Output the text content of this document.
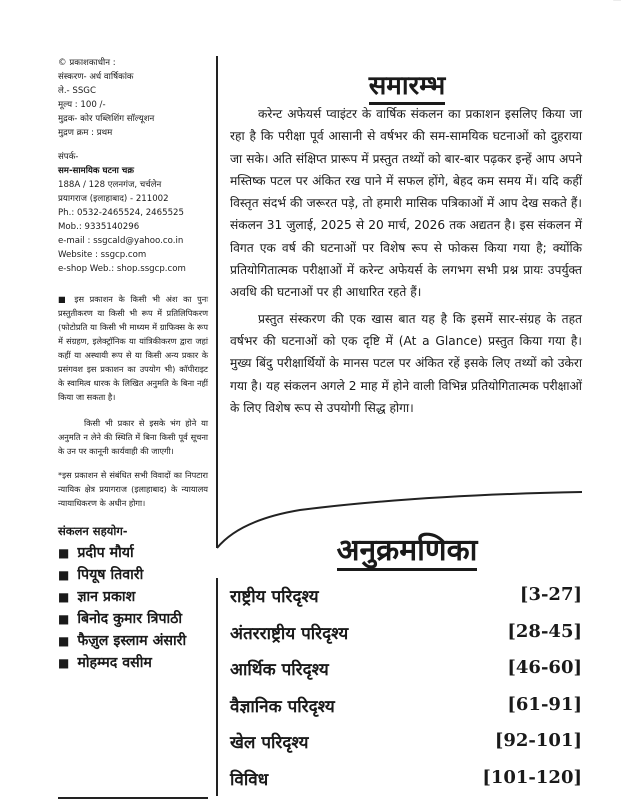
▔
© प्रकाशकाधीन :
संस्करण- अर्ध वार्षिकांक
ले.- SSGC
मूल्य : 100 /-
मुद्रक- कोर पब्लिशिंग सॉल्यूशन
मुद्रण क्रम : प्रथम
संपर्क-
सम-सामयिक घटना चक्र
188A / 128 एलनगंज, चर्चलेन
प्रयागराज (इलाहाबाद) - 211002
Ph.: 0532-2465524, 2465525
Mob.: 9335140296
e-mail : ssgcald@yahoo.co.in
Website : ssgcp.com
e-shop Web.: shop.ssgcp.com

■ इस प्रकाशन के किसी भी अंश का पुनः प्रस्तुतीकरण या किसी भी रूप में प्रतिलिपिकरण (फोटोप्रति या किसी भी माध्यम में ग्राफिक्स के रूप में संग्रहण, इलेक्ट्रॉनिक या यांत्रिकीकरण द्वारा जहां कहीं या अस्थायी रूप से या किसी अन्य प्रकार के प्रसंगवश इस प्रकाशन का उपयोग भी) कॉपीराइट के स्वामित्व धारक के लिखित अनुमति के बिना नहीं किया जा सकता है।

किसी भी प्रकार से इसके भंग होने या अनुमति न लेने की स्थिति में बिना किसी पूर्व सूचना के उन पर कानूनी कार्यवाही की जाएगी।

*इस प्रकाशन से संबंधित सभी विवादों का निपटारा न्यायिक क्षेत्र प्रयागराज (इलाहाबाद) के न्यायालय न्यायाधिकरण के अधीन होगा।

संकलन सहयोग-
■ प्रदीप मौर्या
■ पियूष तिवारी
■ ज्ञान प्रकाश
■ बिनोद कुमार त्रिपाठी
■ फैज़ुल इस्लाम अंसारी
■ मोहम्मद वसीम
समारम्भ

करेन्ट अफेयर्स प्वाइंटर के वार्षिक संकलन का प्रकाशन इसलिए किया जा रहा है कि परीक्षा पूर्व आसानी से वर्षभर की सम-सामयिक घटनाओं को दुहराया जा सके। अति संक्षिप्त प्रारूप में प्रस्तुत तथ्यों को बार-बार पढ़कर इन्हें आप अपने मस्तिष्क पटल पर अंकित रख पाने में सफल होंगे, बेहद कम समय में। यदि कहीं विस्तृत संदर्भ की जरूरत पड़े, तो हमारी मासिक पत्रिकाओं में आप देख सकते हैं। संकलन 31 जुलाई, 2025 से 20 मार्च, 2026 तक अद्यतन है। इस संकलन में विगत एक वर्ष की घटनाओं पर विशेष रूप से फोकस किया गया है; क्योंकि प्रतियोगितात्मक परीक्षाओं में करेन्ट अफेयर्स के लगभग सभी प्रश्न प्रायः उपर्युक्त अवधि की घटनाओं पर ही आधारित रहते हैं।

प्रस्तुत संस्करण की एक खास बात यह है कि इसमें सार-संग्रह के तहत वर्षभर की घटनाओं को एक दृष्टि में (At a Glance) प्रस्तुत किया गया है। मुख्य बिंदु परीक्षार्थियों के मानस पटल पर अंकित रहें इसके लिए तथ्यों को उकेरा गया है। यह संकलन अगले 2 माह में होने वाली विभिन्न प्रतियोगितात्मक परीक्षाओं के लिए विशेष रूप से उपयोगी सिद्ध होगा।

अनुक्रमणिका
राष्ट्रीय परिदृश्य	[3-27]
अंतरराष्ट्रीय परिदृश्य	[28-45]
आर्थिक परिदृश्य	[46-60]
वैज्ञानिक परिदृश्य	[61-91]
खेल परिदृश्य	[92-101]
विविध	[101-120]
